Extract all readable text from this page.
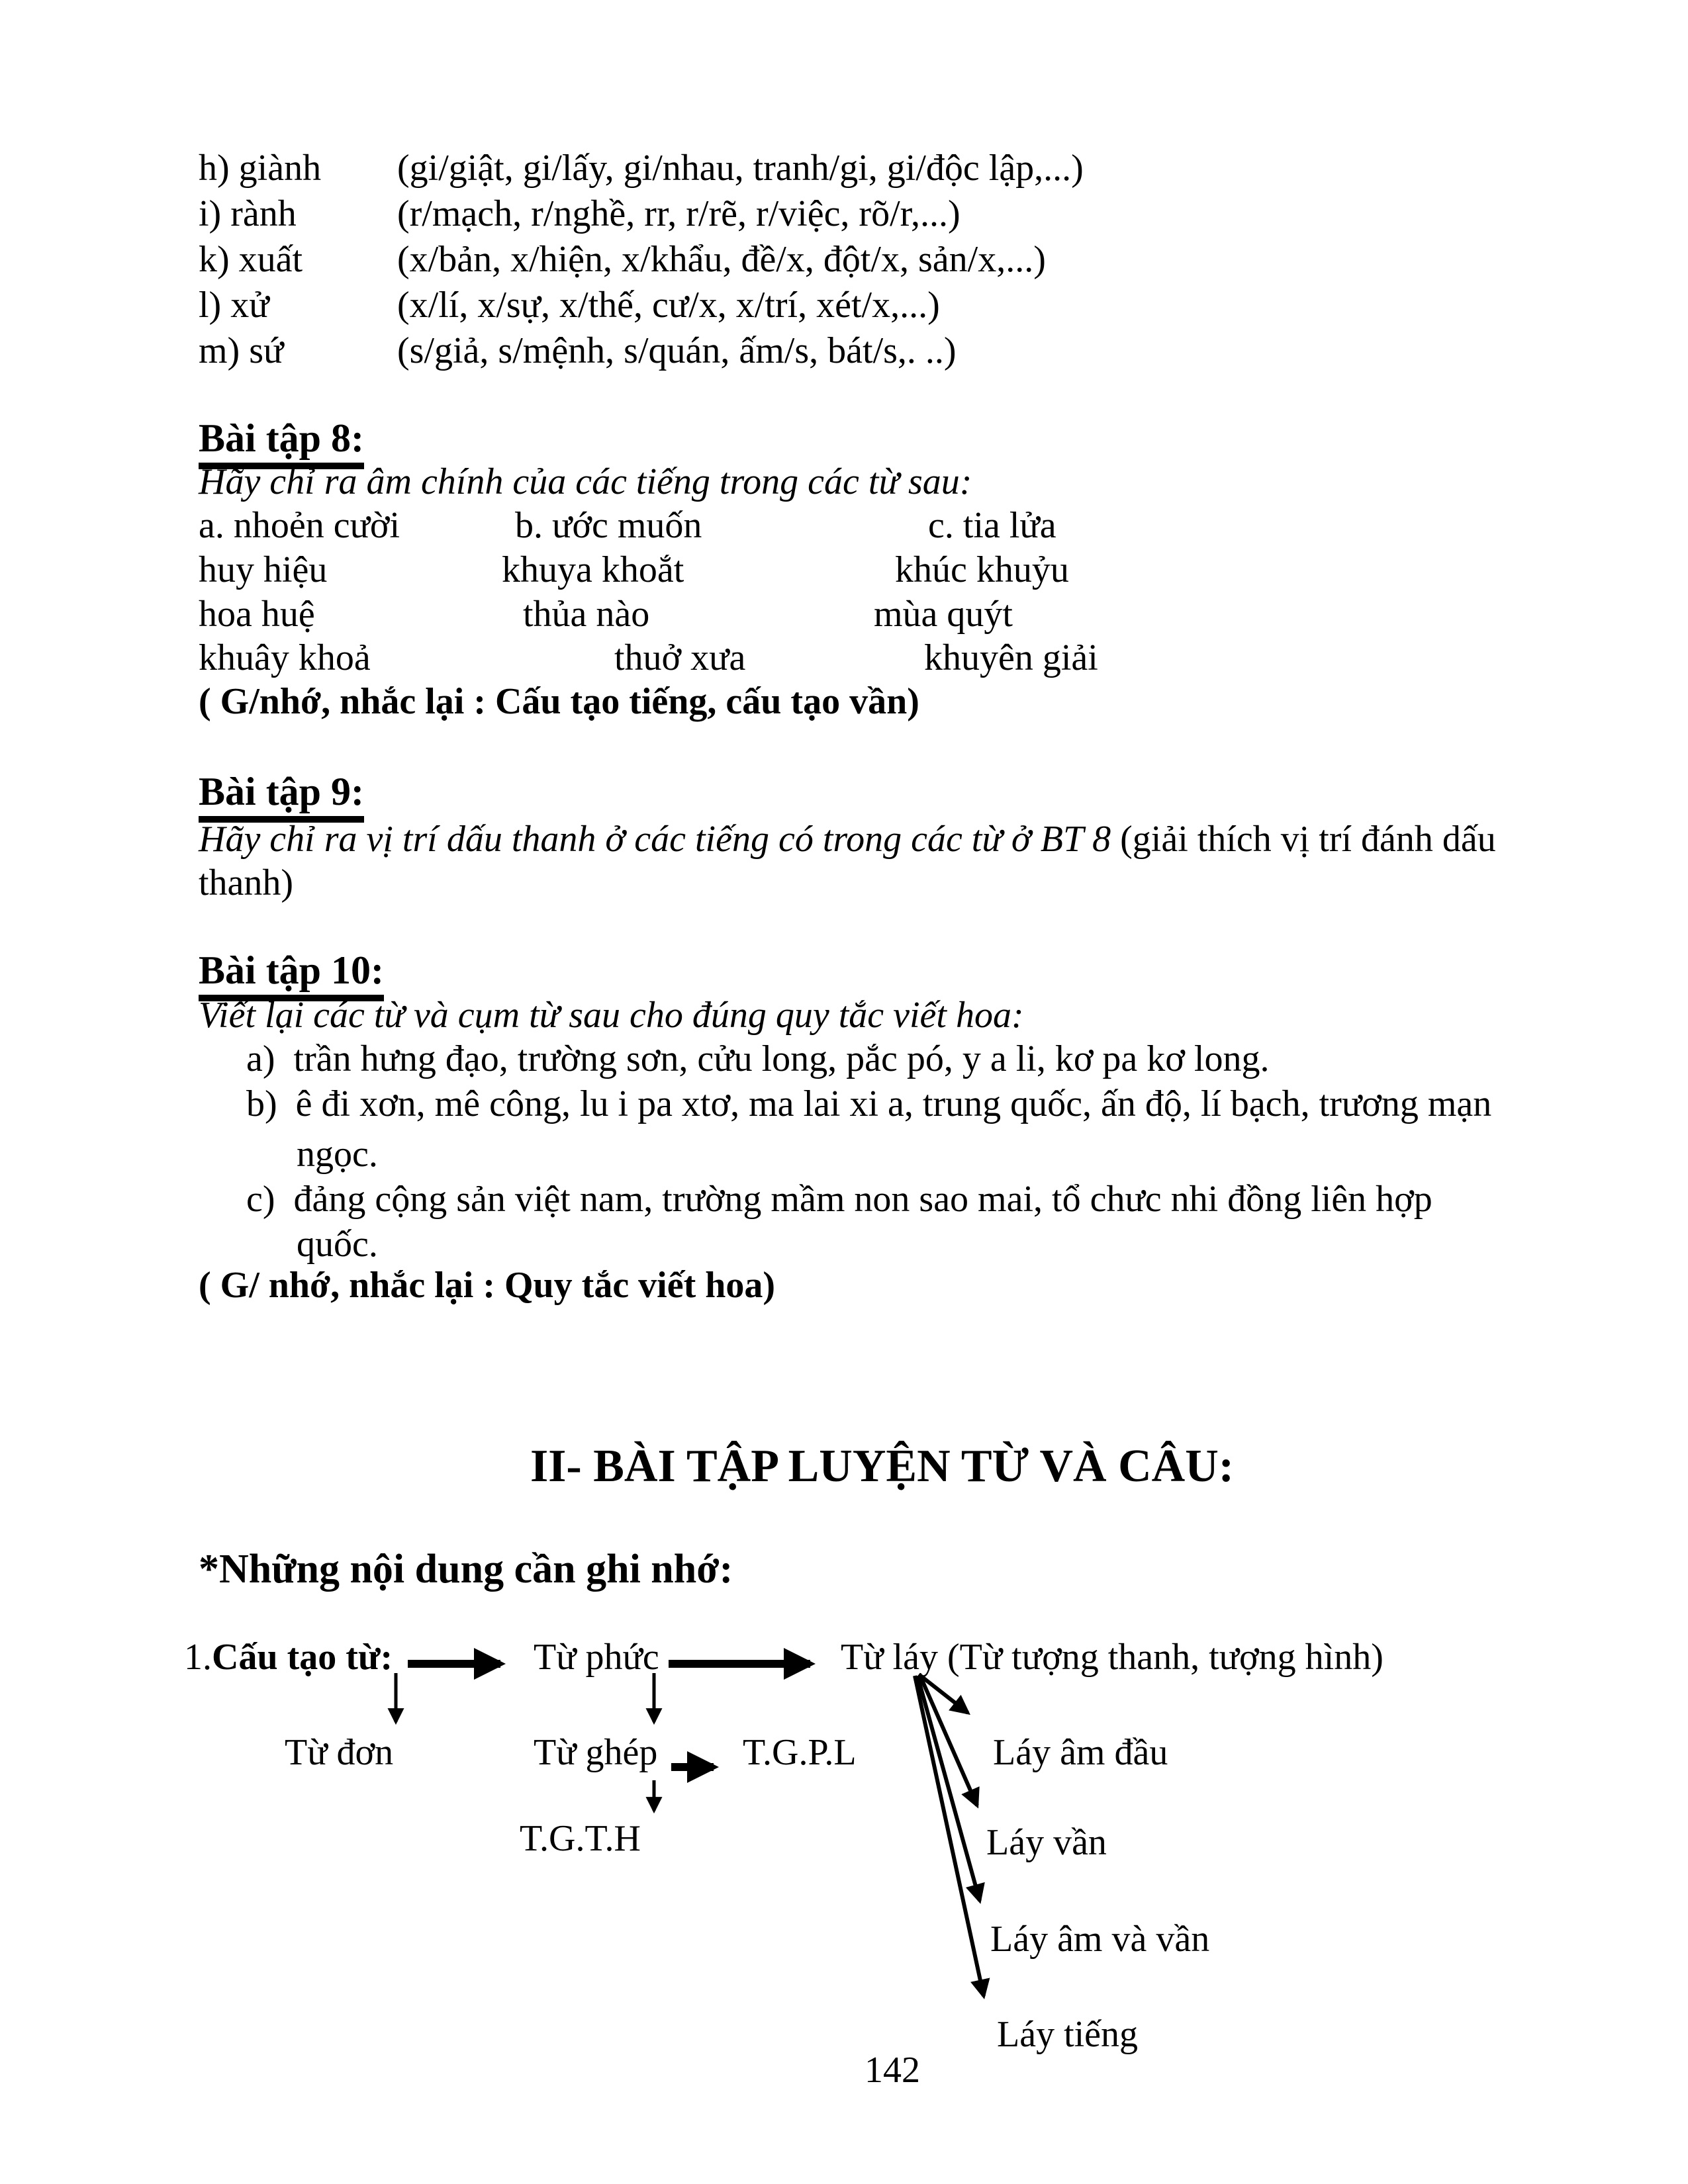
h) giành (gi/giật, gi/lấy, gi/nhau, tranh/gi, gi/độc lập,...)
i) rành	(r/mạch, r/nghề, rr, r/rẽ, r/việc, rõ/r,...)
k) xuất	(x/bản, x/hiện, x/khẩu, đề/x, đột/x, sản/x,...)
l) xử	(x/lí, x/sự, x/thế, cư/x, x/trí, xét/x,...)
m) sứ	(s/giả, s/mệnh, s/quán, ấm/s, bát/s,. ..)
Bài tập 8:
Hãy chỉ ra âm chính của các tiếng trong các từ sau:
a. nhoẻn cười	b. ước muốn	c. tia lửa
huy hiệu	khuya khoắt	khúc khuỷu
hoa huệ	thủa nào	mùa quýt
khuây khoả	thuở xưa	khuyên giải
( G/nhớ, nhắc lại : Cấu tạo tiếng, cấu tạo vần)
Bài tập 9:
Hãy chỉ ra vị trí dấu thanh ở các tiếng có trong các từ ở BT 8 (giải thích vị trí đánh dấu
thanh)
Bài tập 10:
Viết lại các từ và cụm từ sau cho đúng quy tắc viết hoa:
a) trần hưng đạo, trường sơn, cửu long, pắc pó, y a li, kơ pa kơ long.
b) ê đi xơn, mê công, lu i pa xtơ, ma lai xi a, trung quốc, ấn độ, lí bạch, trương mạn
ngọc.
c) đảng cộng sản việt nam, trường mầm non sao mai, tổ chưc nhi đồng liên hợp
quốc.
( G/ nhớ, nhắc lại : Quy tắc viết hoa)
II- BÀI TẬP LUYỆN TỪ VÀ CÂU:
*Những nội dung cần ghi nhớ:
1.Cấu tạo từ:	Từ phức	Từ láy (Từ tượng thanh, tượng hình)
Từ đơn	Từ ghép T.G.P.L	Láy âm đầu
T.G.T.H	Láy vần
Láy âm và vần
Láy tiếng
142
